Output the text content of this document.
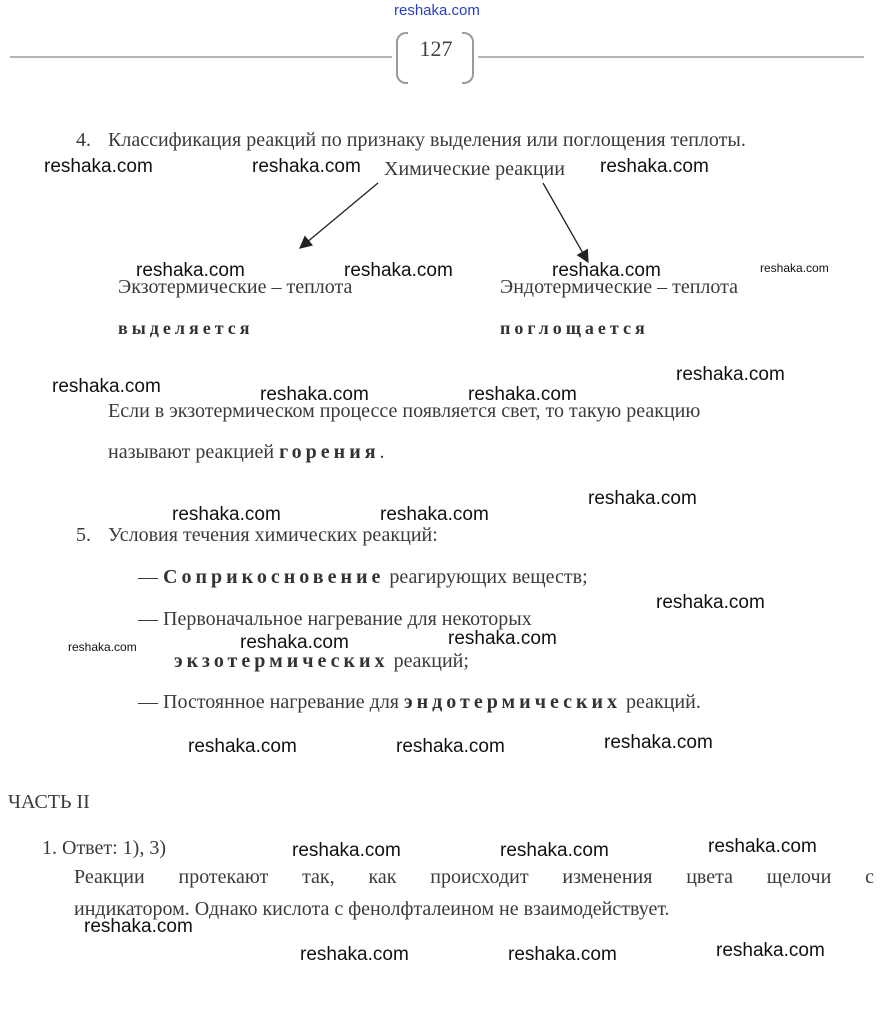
reshaka.com
127
4. Классификация реакций по признаку выделения или поглощения теплоты.
Химические реакции
Экзотермические – теплота
выделяется
Эндотермические – теплота
поглощается
Если в экзотермическом процессе появляется свет, то такую реакцию
называют реакцией горения.
5. Условия течения химических реакций:
— Соприкосновение реагирующих веществ;
— Первоначальное нагревание для некоторых
экзотермических реакций;
— Постоянное нагревание для эндотермических реакций.
ЧАСТЬ II
1. Ответ: 1), 3)
Реакции протекают так, как происходит изменения цвета щелочи с
индикатором. Однако кислота с фенолфталеином не взаимодействует.
reshaka.com	reshaka.com	reshaka.com
reshaka.com	reshaka.com	reshaka.com	reshaka.com
reshaka.com	reshaka.com	reshaka.com
reshaka.com
reshaka.com
reshaka.com	reshaka.com
reshaka.com
reshaka.com	reshaka.com	reshaka.com
reshaka.com	reshaka.com	reshaka.com
reshaka.com	reshaka.com	reshaka.com
reshaka.com
reshaka.com	reshaka.com	reshaka.com
